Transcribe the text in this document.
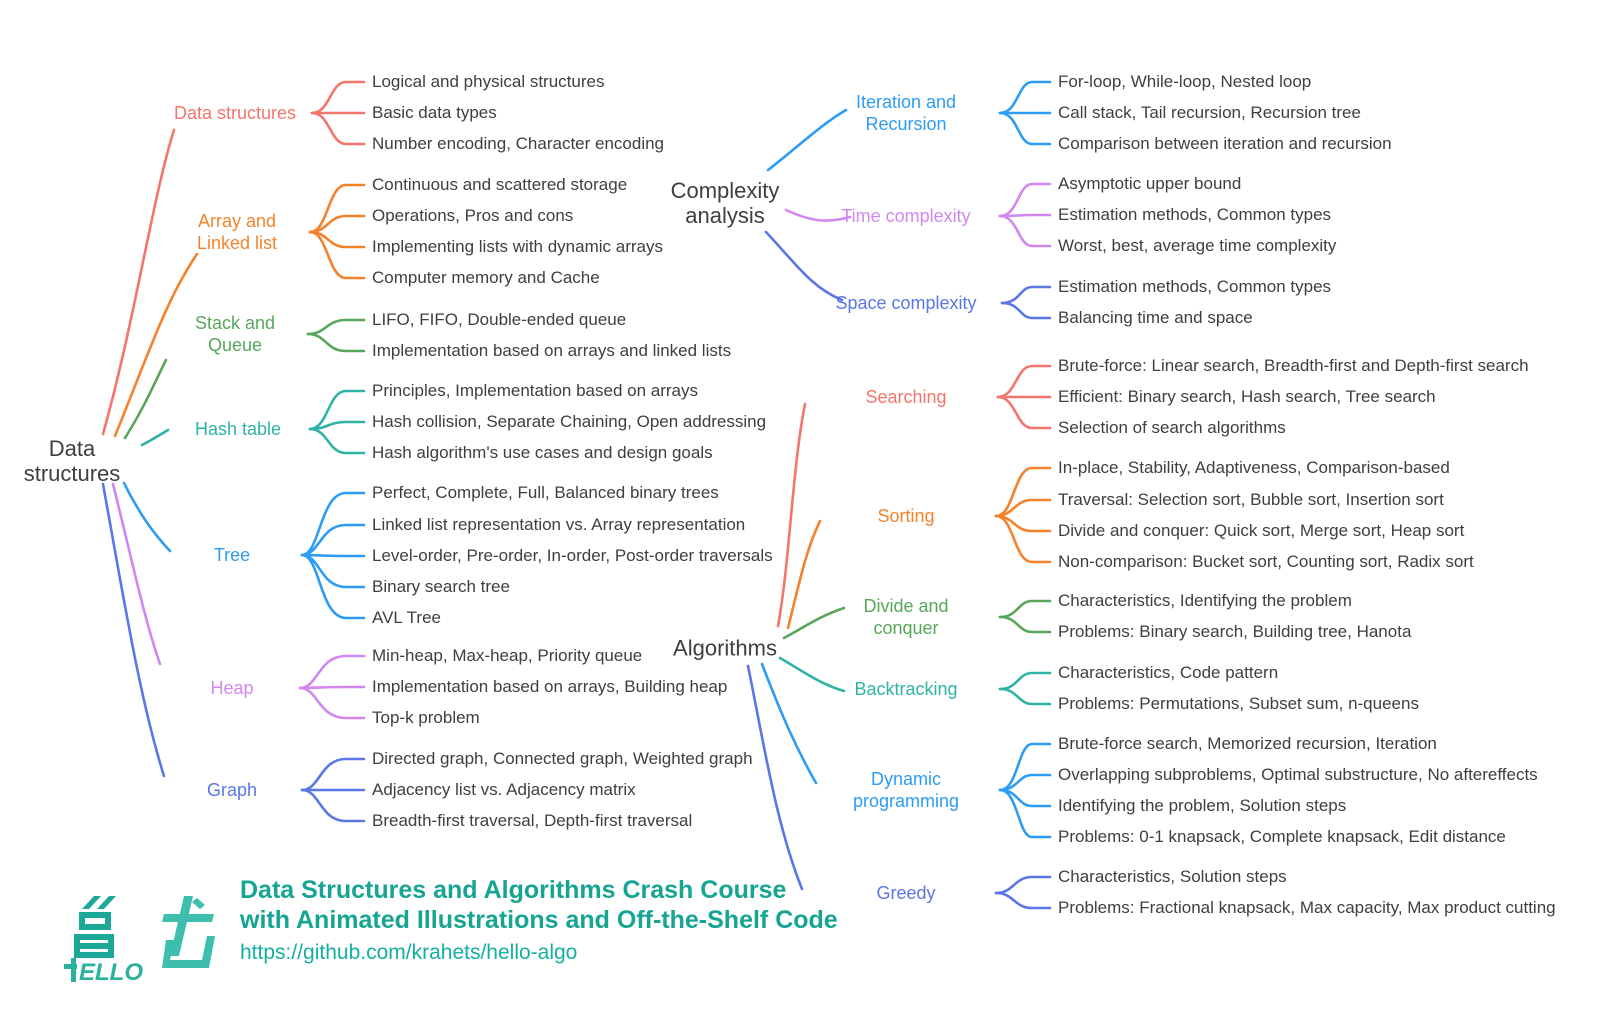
Data structures
Complexity analysis
Algorithms
Data structures
Array and Linked list
Stack and Queue
Hash table
Tree
Heap
Graph
Logical and physical structures
Basic data types
Number encoding, Character encoding
Continuous and scattered storage
Operations, Pros and cons
Implementing lists with dynamic arrays
Computer memory and Cache
LIFO, FIFO, Double-ended queue
Implementation based on arrays and linked lists
Principles, Implementation based on arrays
Hash collision, Separate Chaining, Open addressing
Hash algorithm's use cases and design goals
Perfect, Complete, Full, Balanced binary trees
Linked list representation vs. Array representation
Level-order, Pre-order, In-order, Post-order traversals
Binary search tree
AVL Tree
Min-heap, Max-heap, Priority queue
Implementation based on arrays, Building heap
Top-k problem
Directed graph, Connected graph, Weighted graph
Adjacency list vs. Adjacency matrix
Breadth-first traversal, Depth-first traversal
Iteration and Recursion
Time complexity
Space complexity
For-loop, While-loop, Nested loop
Call stack, Tail recursion, Recursion tree
Comparison between iteration and recursion
Asymptotic upper bound
Estimation methods, Common types
Worst, best, average time complexity
Estimation methods, Common types
Balancing time and space
Searching
Sorting
Divide and conquer
Backtracking
Dynamic programming
Greedy
Brute-force: Linear search, Breadth-first and Depth-first search
Efficient: Binary search, Hash search, Tree search
Selection of search algorithms
In-place, Stability, Adaptiveness, Comparison-based
Traversal: Selection sort, Bubble sort, Insertion sort
Divide and conquer: Quick sort, Merge sort, Heap sort
Non-comparison: Bucket sort, Counting sort, Radix sort
Characteristics, Identifying the problem
Problems: Binary search, Building tree, Hanota
Characteristics, Code pattern
Problems: Permutations, Subset sum, n-queens
Brute-force search, Memorized recursion, Iteration
Overlapping subproblems, Optimal substructure, No aftereffects
Identifying the problem, Solution steps
Problems: 0-1 knapsack, Complete knapsack, Edit distance
Characteristics, Solution steps
Problems: Fractional knapsack, Max capacity, Max product cutting
ELLO
Data Structures and Algorithms Crash Course
with Animated Illustrations and Off-the-Shelf Code
https://github.com/krahets/hello-algo
